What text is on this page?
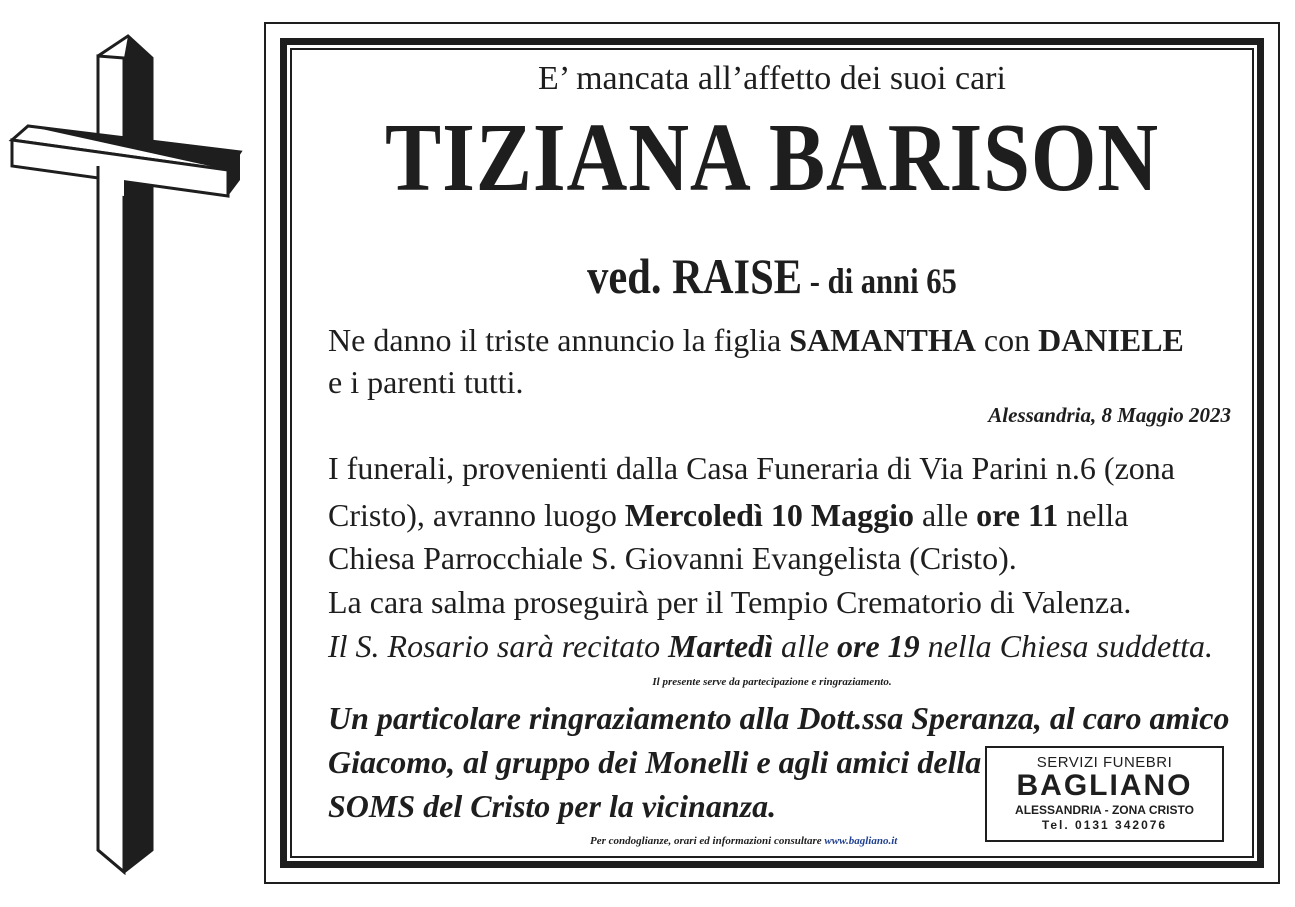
E’ mancata all’affetto dei suoi cari
TIZIANA BARISON
ved. RAISE - di anni 65
Ne danno il triste annuncio la figlia SAMANTHA con DANIELE
e i parenti tutti.
Alessandria, 8 Maggio 2023
I funerali, provenienti dalla Casa Funeraria di Via Parini n.6 (zona
Cristo), avranno luogo Mercoledì 10 Maggio alle ore 11 nella
Chiesa Parrocchiale S. Giovanni Evangelista (Cristo).
La cara salma proseguirà per il Tempio Crematorio di Valenza.
Il S. Rosario sarà recitato Martedì alle ore 19 nella Chiesa suddetta.
Il presente serve da partecipazione e ringraziamento.
Un particolare ringraziamento alla Dott.ssa Speranza, al caro amico
Giacomo, al gruppo dei Monelli e agli amici della
SOMS del Cristo per la vicinanza.
Per condoglianze, orari ed informazioni consultare www.bagliano.it
SERVIZI FUNEBRI
BAGLIANO
ALESSANDRIA - ZONA CRISTO
Tel. 0131 342076
